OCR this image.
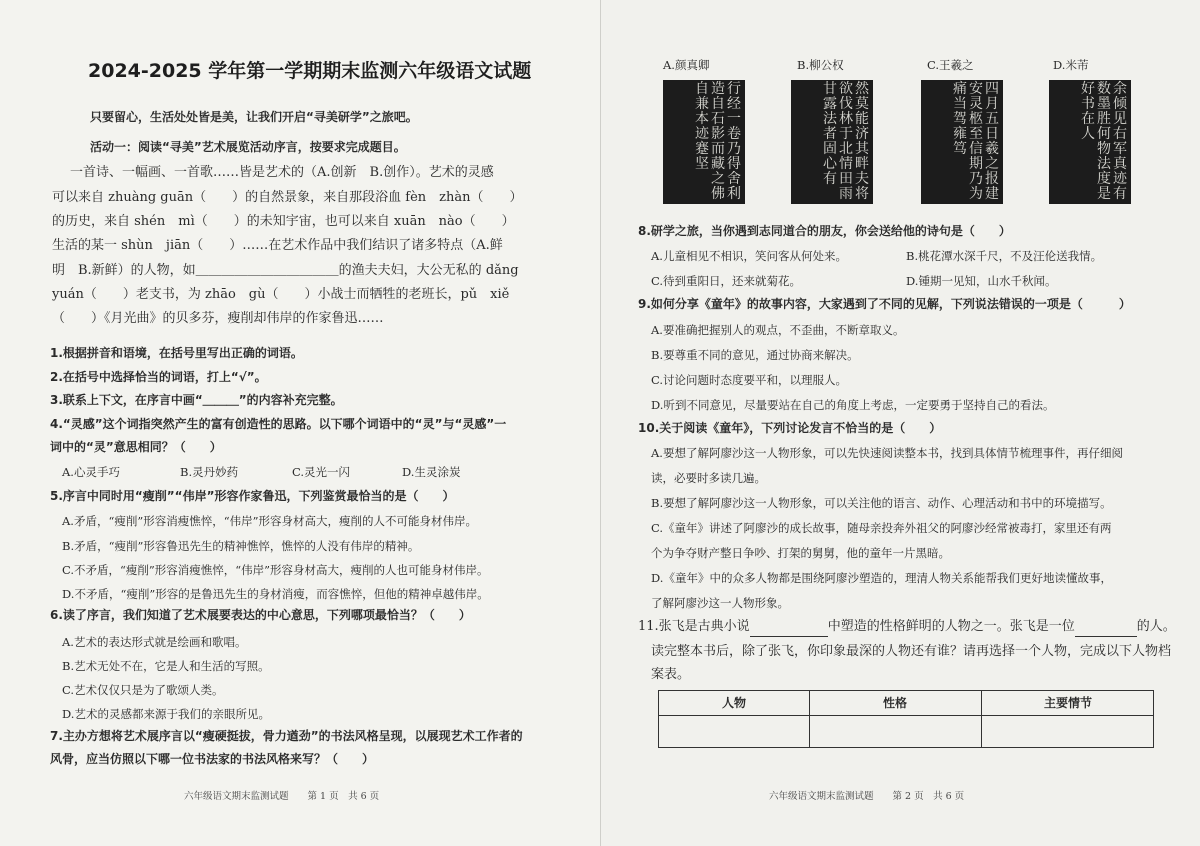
2024-2025 学年第一学期期末监测六年级语文试题
只要留心，生活处处皆是美，让我们开启“寻美研学”之旅吧。
活动一：阅读“寻美”艺术展览活动序言，按要求完成题目。
一首诗、一幅画、一首歌……皆是艺术的（A.创新　B.创作）。艺术的灵感
可以来自 zhuàng guān（　　）的自然景象，来自那段浴血 fèn　zhàn（　　）
的历史，来自 shén　mì（　　）的未知宇宙，也可以来自 xuān　nào（　　）
生活的某一 shùn　jiān（　　）……在艺术作品中我们结识了诸多特点（A.鲜
明　B.新鲜）的人物，如＿＿＿＿＿＿＿＿＿＿＿的渔夫夫妇，大公无私的 dǎng
yuán（　　）老支书，为 zhāo　gù（　　）小战士而牺牲的老班长，pǔ　xiě
（　　）《月光曲》的贝多芬，瘦削却伟岸的作家鲁迅……
1.根据拼音和语境，在括号里写出正确的词语。
2.在括号中选择恰当的词语，打上“√”。
3.联系上下文，在序言中画“＿＿＿”的内容补充完整。
4.“灵感”这个词指突然产生的富有创造性的思路。以下哪个词语中的“灵”与“灵感”一
词中的“灵”意思相同？（　　）
A.心灵手巧	B.灵丹妙药	C.灵光一闪	D.生灵涂炭
5.序言中同时用“瘦削”“伟岸”形容作家鲁迅，下列鉴赏最恰当的是（　　）
A.矛盾，“瘦削”形容消瘦憔悴，“伟岸”形容身材高大，瘦削的人不可能身材伟岸。
B.矛盾，“瘦削”形容鲁迅先生的精神憔悴，憔悴的人没有伟岸的精神。
C.不矛盾，“瘦削”形容消瘦憔悴，“伟岸”形容身材高大，瘦削的人也可能身材伟岸。
D.不矛盾，“瘦削”形容的是鲁迅先生的身材消瘦，而容憔悴，但他的精神卓越伟岸。
6.读了序言，我们知道了艺术展要表达的中心意思，下列哪项最恰当？（　　）
A.艺术的表达形式就是绘画和歌唱。
B.艺术无处不在，它是人和生活的写照。
C.艺术仅仅只是为了歌颂人类。
D.艺术的灵感都来源于我们的亲眼所见。
7.主办方想将艺术展序言以“瘦硬挺拔，骨力遒劲”的书法风格呈现，以展现艺术工作者的
风骨，应当仿照以下哪一位书法家的书法风格来写？（　　）
六年级语文期末监测试题　　第 1 页　共 6 页
A.颜真卿	B.柳公权	C.王羲之	D.米芾
行
经
一
卷
乃
得
舍
利
造
自
石
影
而
藏
之
佛
自
兼
本
迹
蹇
坚
然
莫
能
济
其
畔
夫
将
欲
伐
林
于
北
情
田
雨
甘
露
法
者
固
心
有
四
月
五
日
羲
之
报
建
安
灵
柩
至
信
期
乃
为
痛
当
驾
雍
笃
余
倾
见
右
军
真
迹
有
数
墨
胜
何
物
法
度
是
好
书
在
人
8.研学之旅，当你遇到志同道合的朋友，你会送给他的诗句是（　　）
A.儿童相见不相识，笑问客从何处来。	B.桃花潭水深千尺，不及汪伦送我情。
C.待到重阳日，还来就菊花。	D.锺期一见知，山水千秋闻。
9.如何分享《童年》的故事内容，大家遇到了不同的见解，下列说法错误的一项是（　　　）
A.要准确把握别人的观点，不歪曲，不断章取义。
B.要尊重不同的意见，通过协商来解决。
C.讨论问题时态度要平和，以理服人。
D.听到不同意见，尽量要站在自己的角度上考虑，一定要勇于坚持自己的看法。
10.关于阅读《童年》，下列讨论发言不恰当的是（　　）
A.要想了解阿廖沙这一人物形象，可以先快速阅读整本书，找到具体情节梳理事件，再仔细阅
读，必要时多读几遍。
B.要想了解阿廖沙这一人物形象，可以关注他的语言、动作、心理活动和书中的环境描写。
C.《童年》讲述了阿廖沙的成长故事，随母亲投奔外祖父的阿廖沙经常被毒打，家里还有两
个为争夺财产整日争吵、打架的舅舅，他的童年一片黑暗。
D.《童年》中的众多人物都是围绕阿廖沙塑造的，理清人物关系能帮我们更好地读懂故事，
了解阿廖沙这一人物形象。
11.张飞是古典小说	中塑造的性格鲜明的人物之一。张飞是一位	的人。
读完整本书后，除了张飞，你印象最深的人物还有谁？请再选择一个人物，完成以下人物档
案表。
人物	性格	主要情节
六年级语文期末监测试题　　第 2 页　共 6 页
